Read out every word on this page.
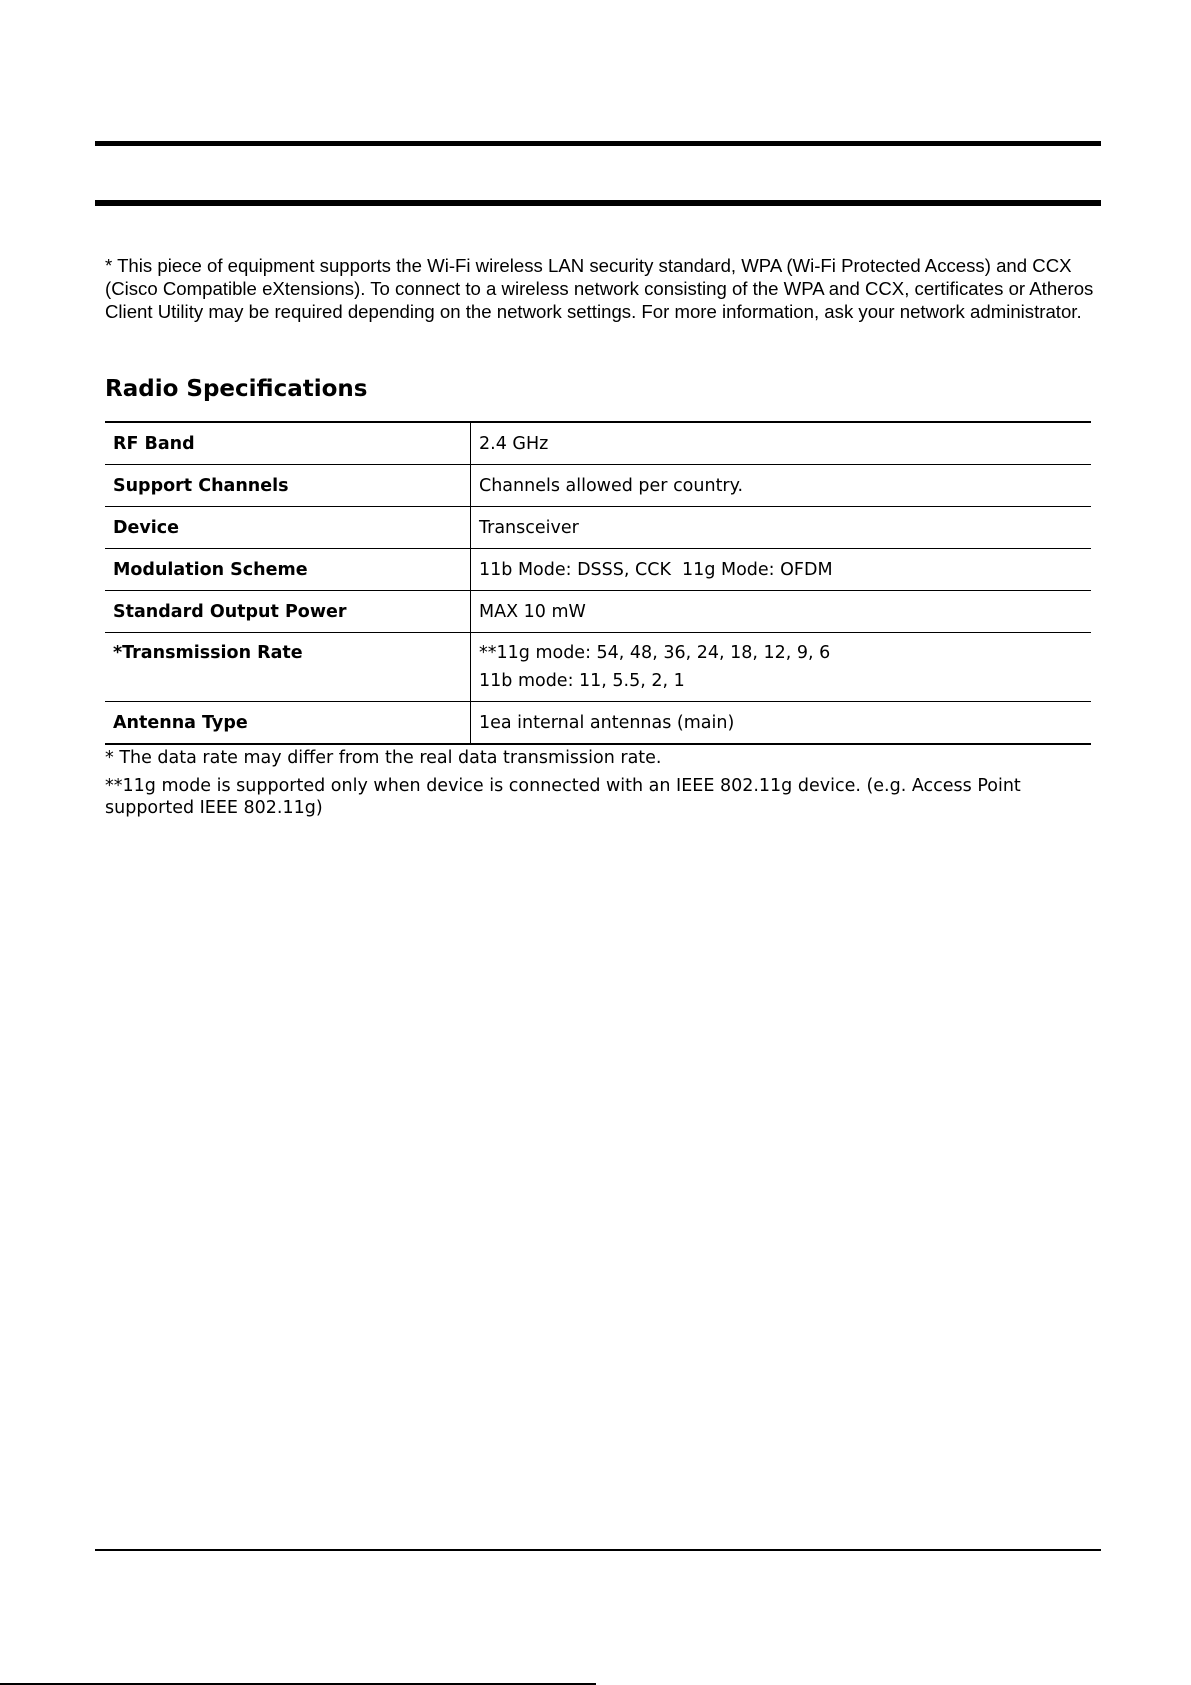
* This piece of equipment supports the Wi-Fi wireless LAN security standard, WPA (Wi-Fi Protected Access) and CCX (Cisco Compatible eXtensions). To connect to a wireless network consisting of the WPA and CCX, certificates or Atheros Client Utility may be required depending on the network settings. For more information, ask your network administrator.

Radio Specifications
RF Band	2.4 GHz
Support Channels	Channels allowed per country.
Device	Transceiver
Modulation Scheme	11b Mode: DSSS, CCK  11g Mode: OFDM
Standard Output Power	MAX 10 mW
*Transmission Rate	**11g mode: 54, 48, 36, 24, 18, 12, 9, 6
11b mode: 11, 5.5, 2, 1

Antenna Type	1ea internal antennas (main)

* The data rate may differ from the real data transmission rate.

**11g mode is supported only when device is connected with an IEEE 802.11g device. (e.g. Access Point supported IEEE 802.11g)
